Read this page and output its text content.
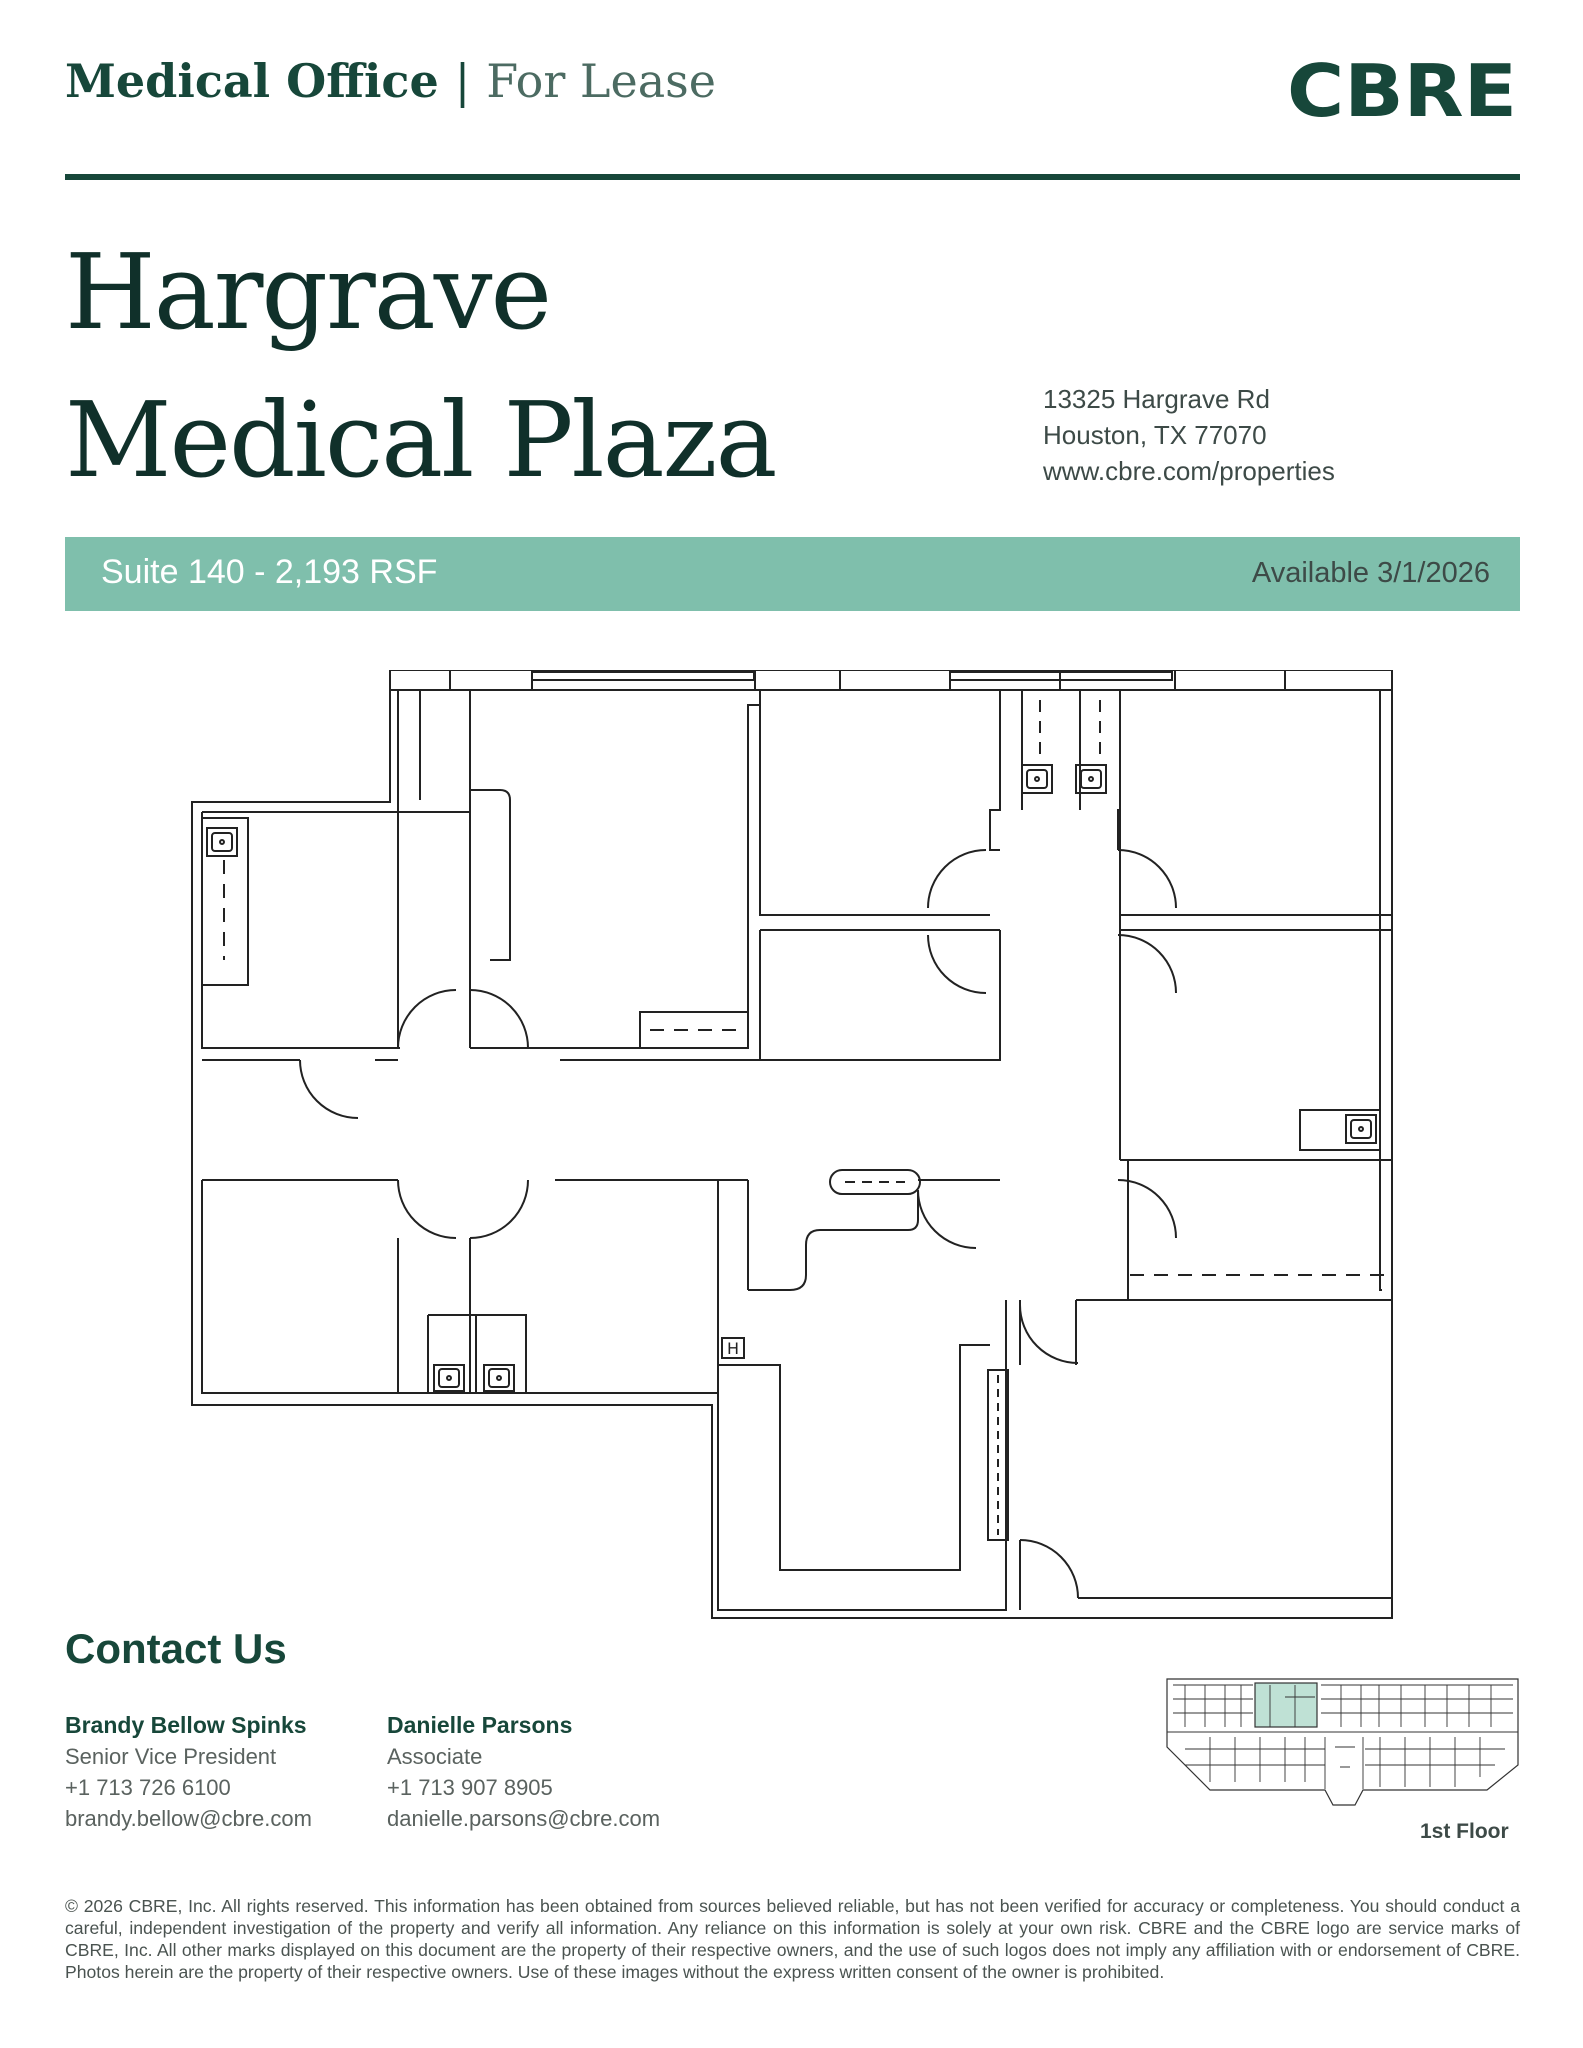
Medical Office | For Lease	CBRE
Hargrave
Medical Plaza	13325 Hargrave Rd
Houston, TX 77070
www.cbre.com/properties
Suite 140 - 2,193 RSF	Available 3/1/2026
H
Contact Us
Brandy Bellow Spinks
Senior Vice President
+1 713 726 6100
brandy.bellow@cbre.com
Danielle Parsons
Associate
+1 713 907 8905
danielle.parsons@cbre.com
1st Floor
© 2026 CBRE, Inc. All rights reserved. This information has been obtained from sources believed reliable, but has not been verified for accuracy or completeness. You should conduct a careful, independent investigation of the property and verify all information. Any reliance on this information is solely at your own risk. CBRE and the CBRE logo are service marks of CBRE, Inc. All other marks displayed on this document are the property of their respective owners, and the use of such logos does not imply any affiliation with or endorsement of CBRE. Photos herein are the property of their respective owners. Use of these images without the express written consent of the owner is prohibited.
